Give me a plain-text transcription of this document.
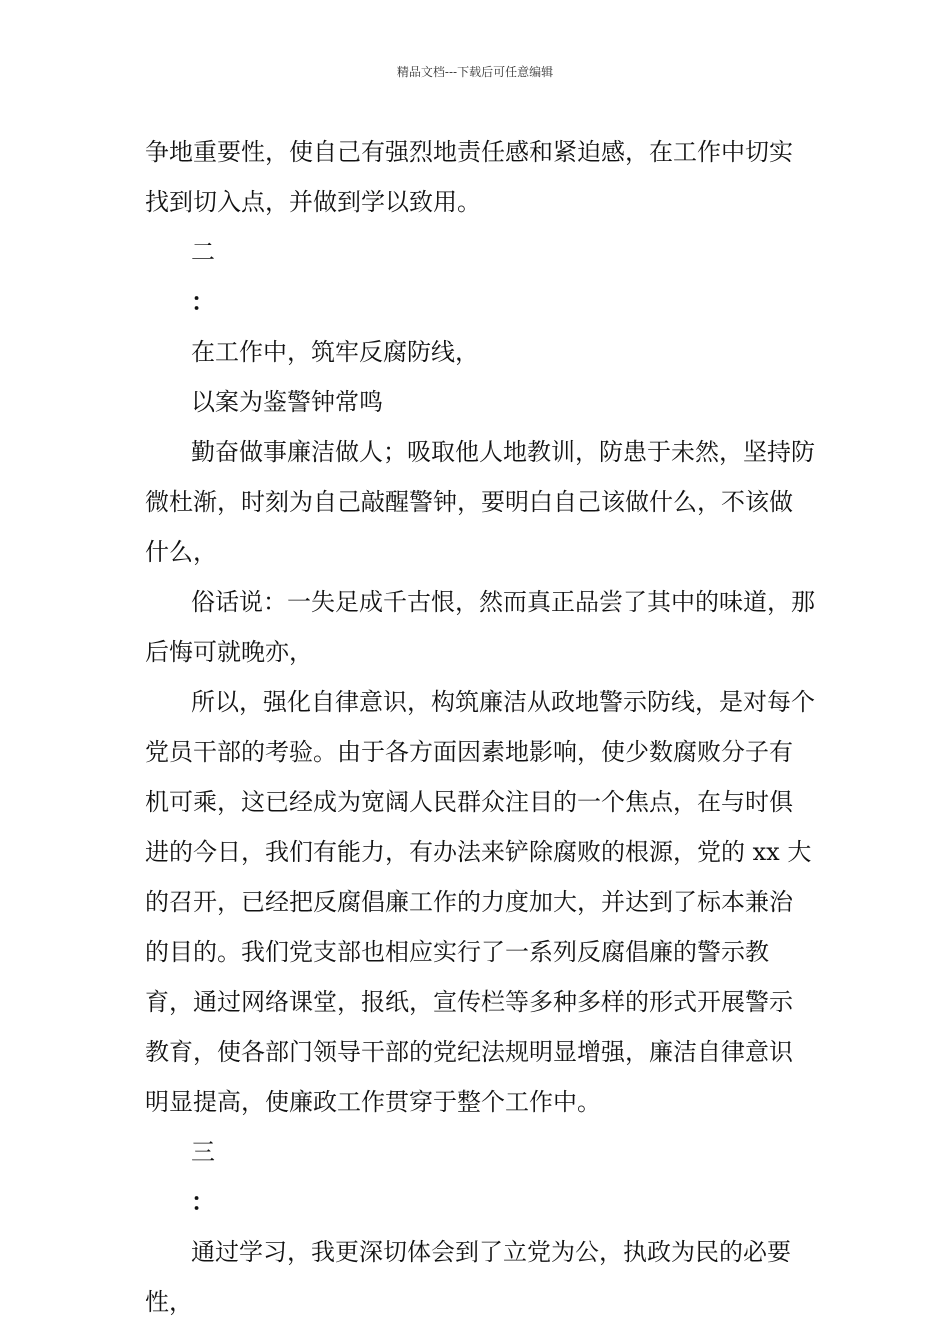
精品文档---下载后可任意编辑

争地重要性，使自己有强烈地责任感和紧迫感，在工作中切实找到切入点，并做到学以致用。

二

：

在工作中，筑牢反腐防线，

以案为鉴警钟常鸣

勤奋做事廉洁做人；吸取他人地教训，防患于未然，坚持防微杜渐，时刻为自己敲醒警钟，要明白自己该做什么，不该做什么，

俗话说：一失足成千古恨，然而真正品尝了其中的味道，那后悔可就晚亦，

所以，强化自律意识，构筑廉洁从政地警示防线，是对每个党员干部的考验。由于各方面因素地影响，使少数腐败分子有机可乘，这已经成为宽阔人民群众注目的一个焦点，在与时俱进的今日，我们有能力，有办法来铲除腐败的根源，党的 xx 大的召开，已经把反腐倡廉工作的力度加大，并达到了标本兼治的目的。我们党支部也相应实行了一系列反腐倡廉的警示教育，通过网络课堂，报纸，宣传栏等多种多样的形式开展警示教育，使各部门领导干部的党纪法规明显增强，廉洁自律意识明显提高，使廉政工作贯穿于整个工作中。

三

：

通过学习，我更深切体会到了立党为公，执政为民的必要性，
